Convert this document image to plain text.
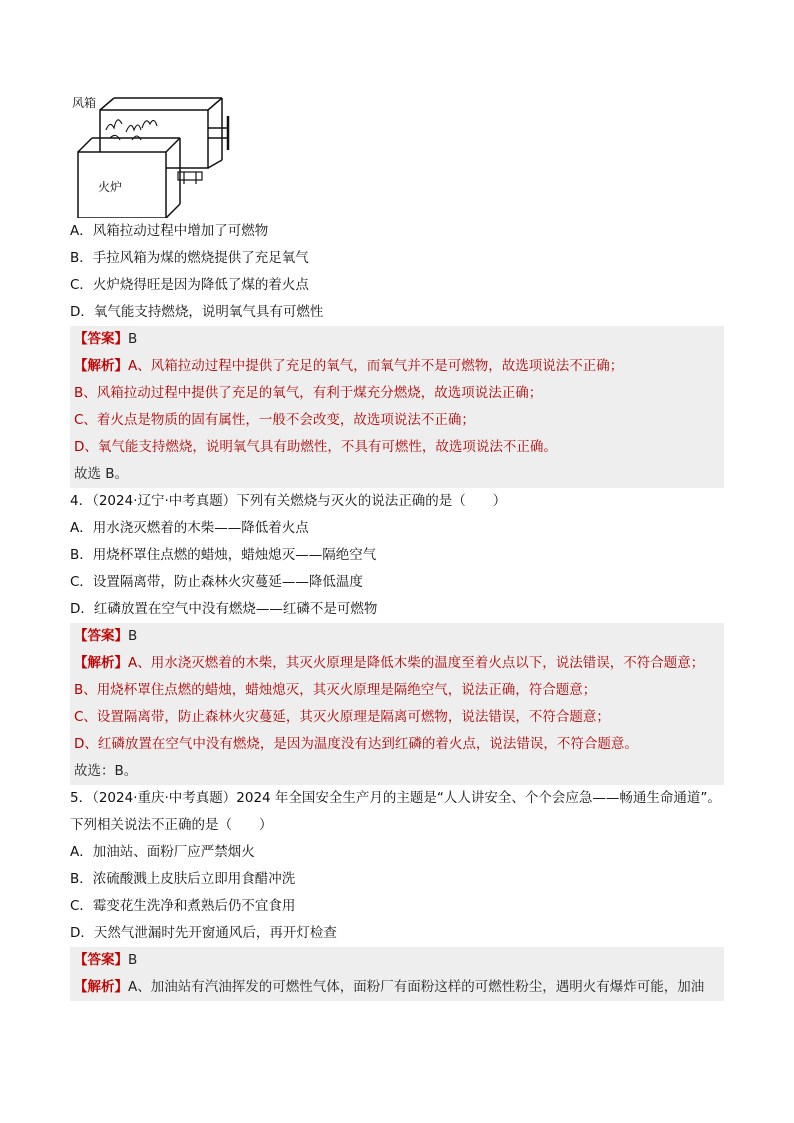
风箱
火炉
A．风箱拉动过程中增加了可燃物
B．手拉风箱为煤的燃烧提供了充足氧气
C．火炉烧得旺是因为降低了煤的着火点
D．氧气能支持燃烧，说明氧气具有可燃性
【答案】B
【解析】A、风箱拉动过程中提供了充足的氧气，而氧气并不是可燃物，故选项说法不正确；
B、风箱拉动过程中提供了充足的氧气，有利于煤充分燃烧，故选项说法正确；
C、着火点是物质的固有属性，一般不会改变，故选项说法不正确；
D、氧气能支持燃烧，说明氧气具有助燃性，不具有可燃性，故选项说法不正确。
故选 B。
4．（2024·辽宁·中考真题）下列有关燃烧与灭火的说法正确的是（　　）
A．用水浇灭燃着的木柴——降低着火点
B．用烧杯罩住点燃的蜡烛，蜡烛熄灭——隔绝空气
C．设置隔离带，防止森林火灾蔓延——降低温度
D．红磷放置在空气中没有燃烧——红磷不是可燃物
【答案】B
【解析】A、用水浇灭燃着的木柴，其灭火原理是降低木柴的温度至着火点以下，说法错误，不符合题意；
B、用烧杯罩住点燃的蜡烛，蜡烛熄灭，其灭火原理是隔绝空气，说法正确，符合题意；
C、设置隔离带，防止森林火灾蔓延，其灭火原理是隔离可燃物，说法错误，不符合题意；
D、红磷放置在空气中没有燃烧，是因为温度没有达到红磷的着火点，说法错误，不符合题意。
故选：B。
5．（2024·重庆·中考真题）2024 年全国安全生产月的主题是“人人讲安全、个个会应急——畅通生命通道”。
下列相关说法不正确的是（　　）
A．加油站、面粉厂应严禁烟火
B．浓硫酸溅上皮肤后立即用食醋冲洗
C．霉变花生洗净和煮熟后仍不宜食用
D．天然气泄漏时先开窗通风后，再开灯检查
【答案】B
【解析】A、加油站有汽油挥发的可燃性气体，面粉厂有面粉这样的可燃性粉尘，遇明火有爆炸可能，加油
